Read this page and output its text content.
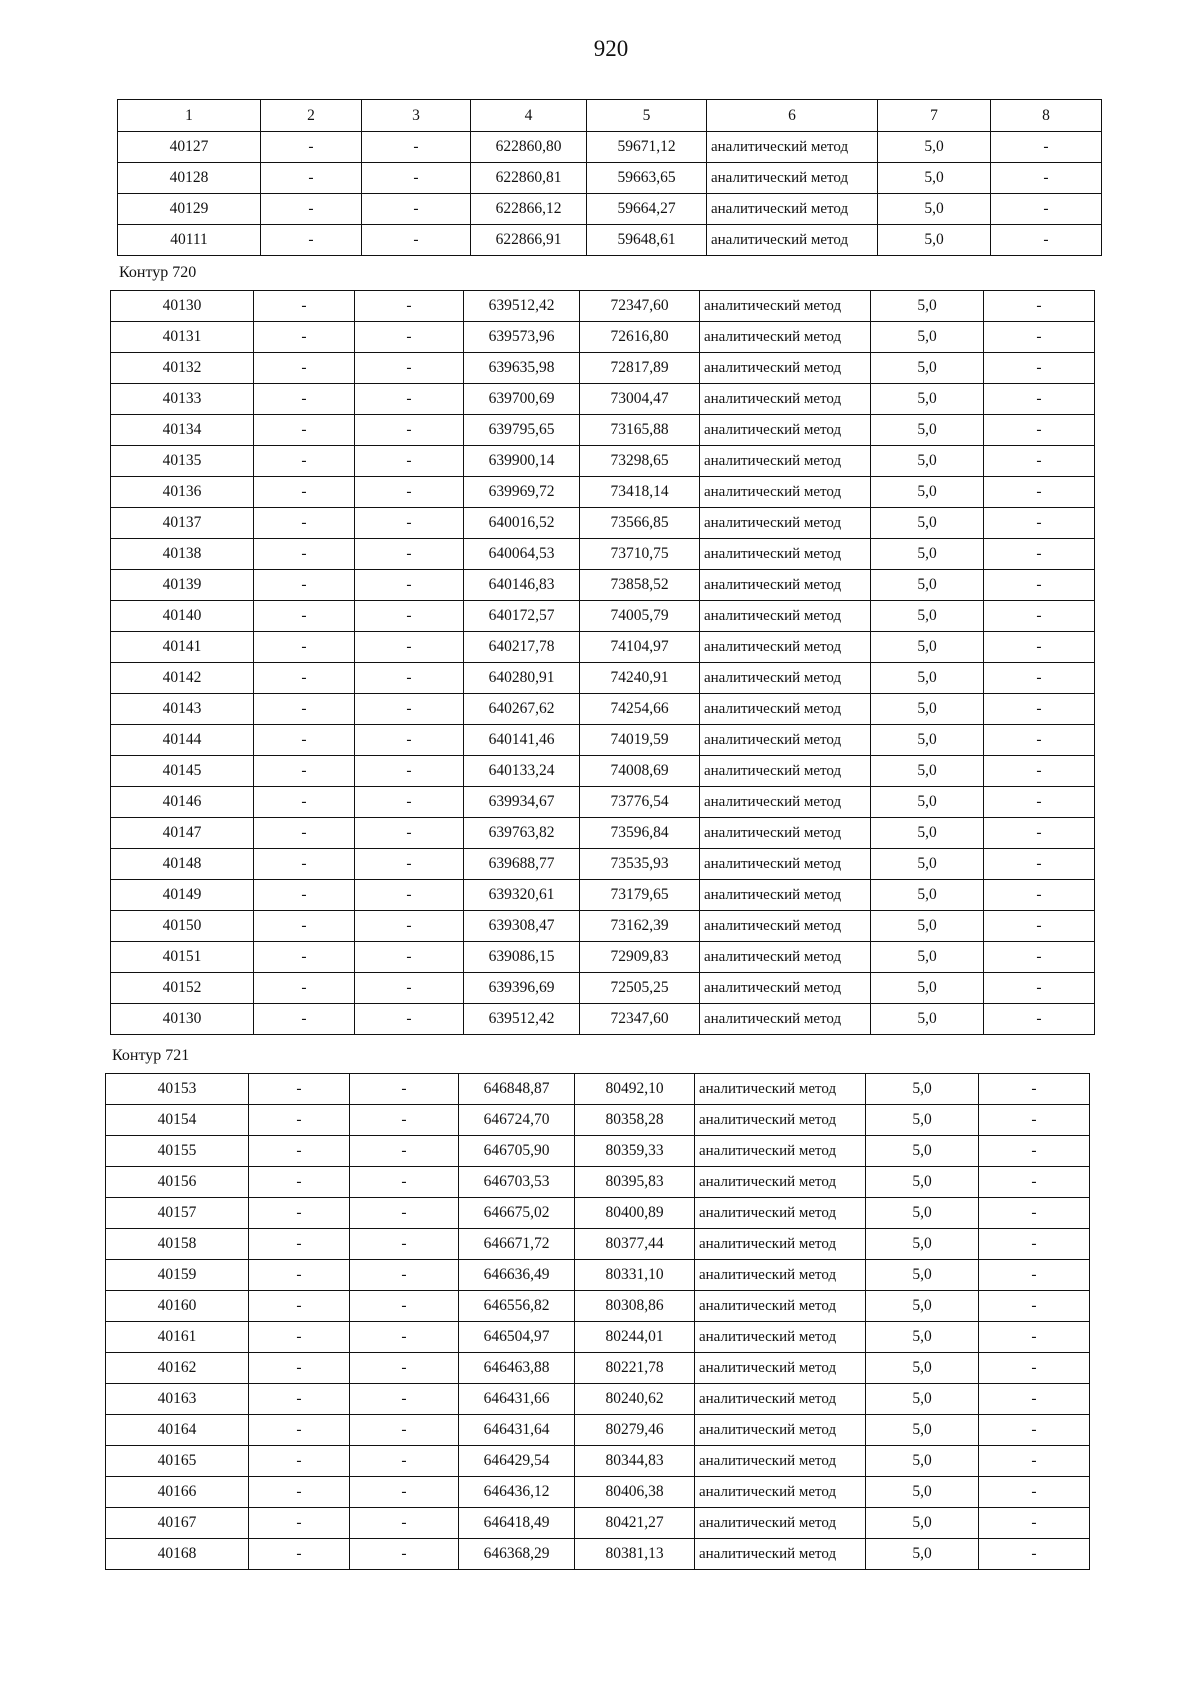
920
1	2	3	4	5	6	7	8
40127	-	-	622860,80	59671,12	аналитический метод	5,0	-
40128	-	-	622860,81	59663,65	аналитический метод	5,0	-
40129	-	-	622866,12	59664,27	аналитический метод	5,0	-
40111	-	-	622866,91	59648,61	аналитический метод	5,0	-
Контур 720
40130	-	-	639512,42	72347,60	аналитический метод	5,0	-
40131	-	-	639573,96	72616,80	аналитический метод	5,0	-
40132	-	-	639635,98	72817,89	аналитический метод	5,0	-
40133	-	-	639700,69	73004,47	аналитический метод	5,0	-
40134	-	-	639795,65	73165,88	аналитический метод	5,0	-
40135	-	-	639900,14	73298,65	аналитический метод	5,0	-
40136	-	-	639969,72	73418,14	аналитический метод	5,0	-
40137	-	-	640016,52	73566,85	аналитический метод	5,0	-
40138	-	-	640064,53	73710,75	аналитический метод	5,0	-
40139	-	-	640146,83	73858,52	аналитический метод	5,0	-
40140	-	-	640172,57	74005,79	аналитический метод	5,0	-
40141	-	-	640217,78	74104,97	аналитический метод	5,0	-
40142	-	-	640280,91	74240,91	аналитический метод	5,0	-
40143	-	-	640267,62	74254,66	аналитический метод	5,0	-
40144	-	-	640141,46	74019,59	аналитический метод	5,0	-
40145	-	-	640133,24	74008,69	аналитический метод	5,0	-
40146	-	-	639934,67	73776,54	аналитический метод	5,0	-
40147	-	-	639763,82	73596,84	аналитический метод	5,0	-
40148	-	-	639688,77	73535,93	аналитический метод	5,0	-
40149	-	-	639320,61	73179,65	аналитический метод	5,0	-
40150	-	-	639308,47	73162,39	аналитический метод	5,0	-
40151	-	-	639086,15	72909,83	аналитический метод	5,0	-
40152	-	-	639396,69	72505,25	аналитический метод	5,0	-
40130	-	-	639512,42	72347,60	аналитический метод	5,0	-
Контур 721
40153	-	-	646848,87	80492,10	аналитический метод	5,0	-
40154	-	-	646724,70	80358,28	аналитический метод	5,0	-
40155	-	-	646705,90	80359,33	аналитический метод	5,0	-
40156	-	-	646703,53	80395,83	аналитический метод	5,0	-
40157	-	-	646675,02	80400,89	аналитический метод	5,0	-
40158	-	-	646671,72	80377,44	аналитический метод	5,0	-
40159	-	-	646636,49	80331,10	аналитический метод	5,0	-
40160	-	-	646556,82	80308,86	аналитический метод	5,0	-
40161	-	-	646504,97	80244,01	аналитический метод	5,0	-
40162	-	-	646463,88	80221,78	аналитический метод	5,0	-
40163	-	-	646431,66	80240,62	аналитический метод	5,0	-
40164	-	-	646431,64	80279,46	аналитический метод	5,0	-
40165	-	-	646429,54	80344,83	аналитический метод	5,0	-
40166	-	-	646436,12	80406,38	аналитический метод	5,0	-
40167	-	-	646418,49	80421,27	аналитический метод	5,0	-
40168	-	-	646368,29	80381,13	аналитический метод	5,0	-
